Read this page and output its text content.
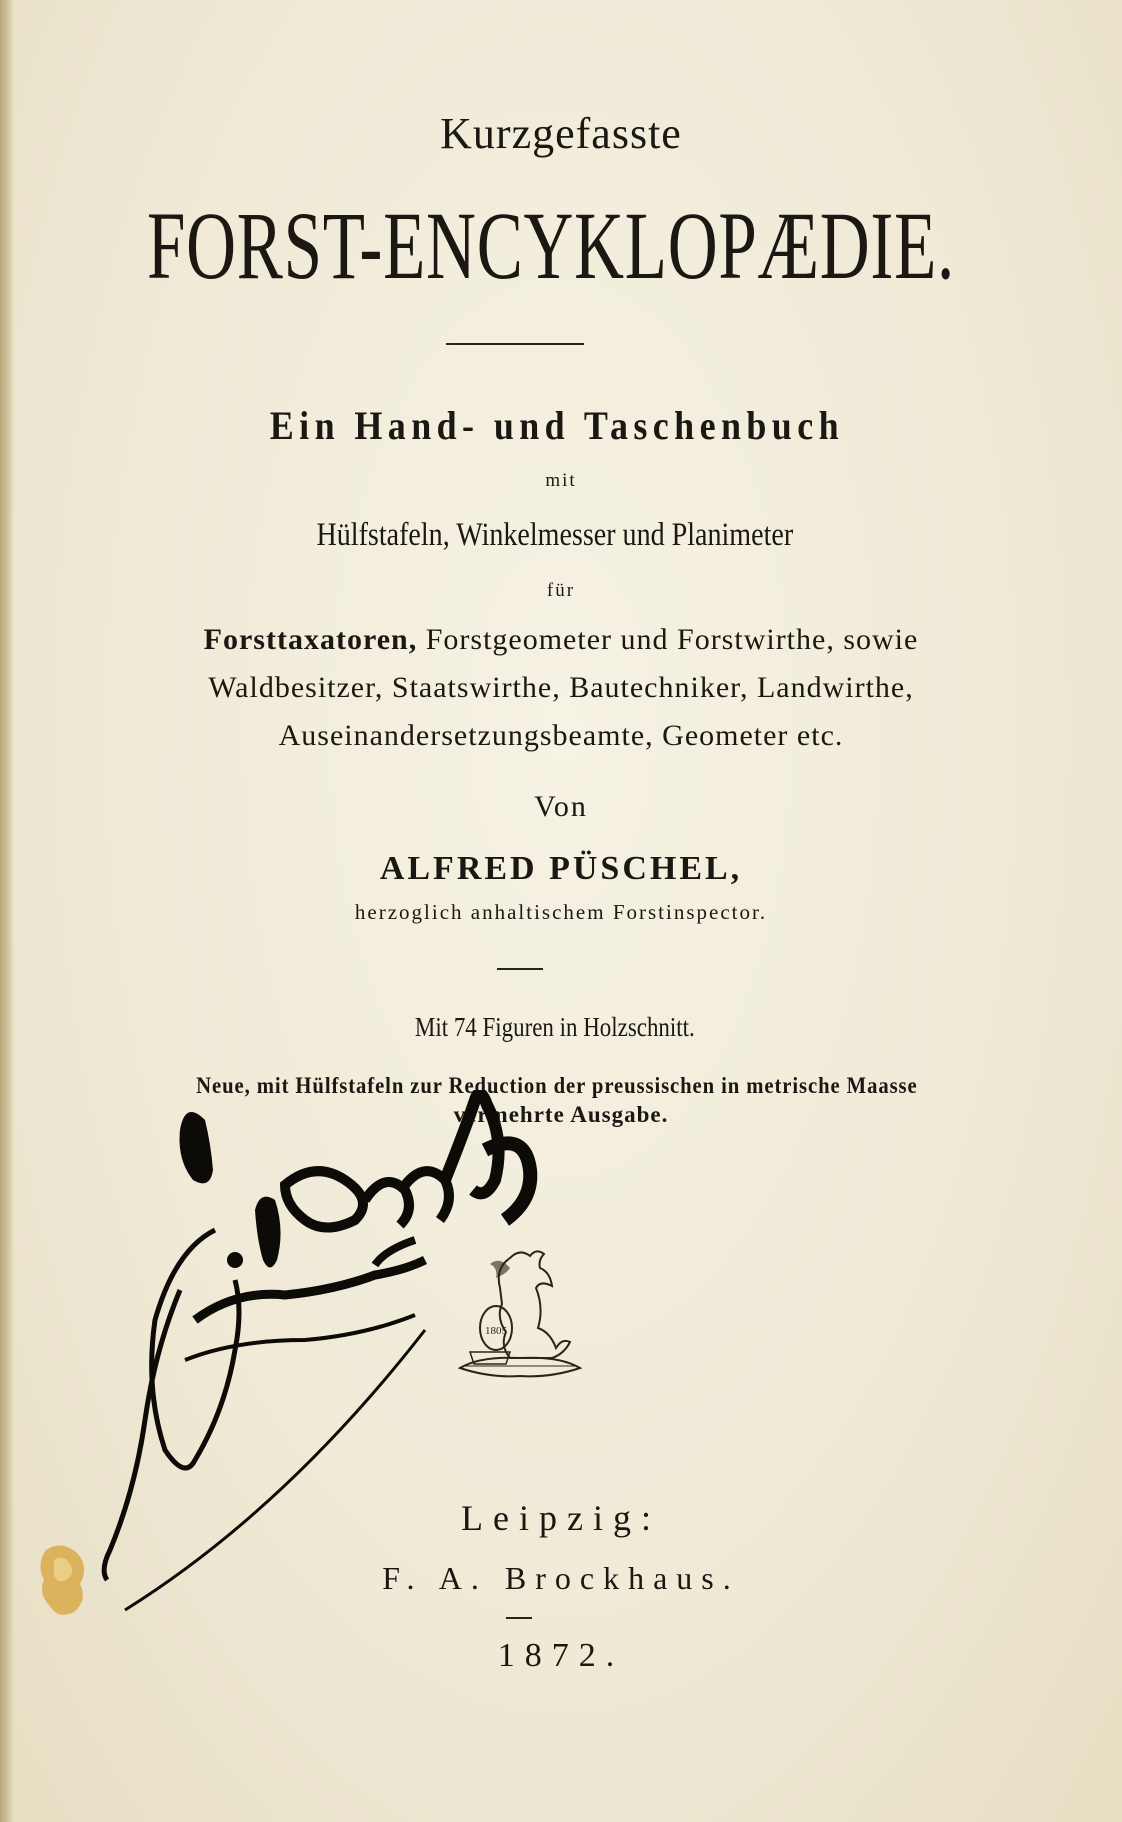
Kurzgefasste
FORST-ENCYKLOPÆDIE.
Ein Hand- und Taschenbuch
mit
Hülfstafeln, Winkelmesser und Planimeter
für
Forsttaxatoren, Forstgeometer und Forstwirthe, sowie
Waldbesitzer, Staatswirthe, Bautechniker, Landwirthe,
Auseinandersetzungsbeamte, Geometer etc.
Von
ALFRED PÜSCHEL,
herzoglich anhaltischem Forstinspector.
Mit 74 Figuren in Holzschnitt.
Neue, mit Hülfstafeln zur Reduction der preussischen in metrische Maasse
vermehrte Ausgabe.
1805
Leipzig:
F. A. Brockhaus.
1872.
